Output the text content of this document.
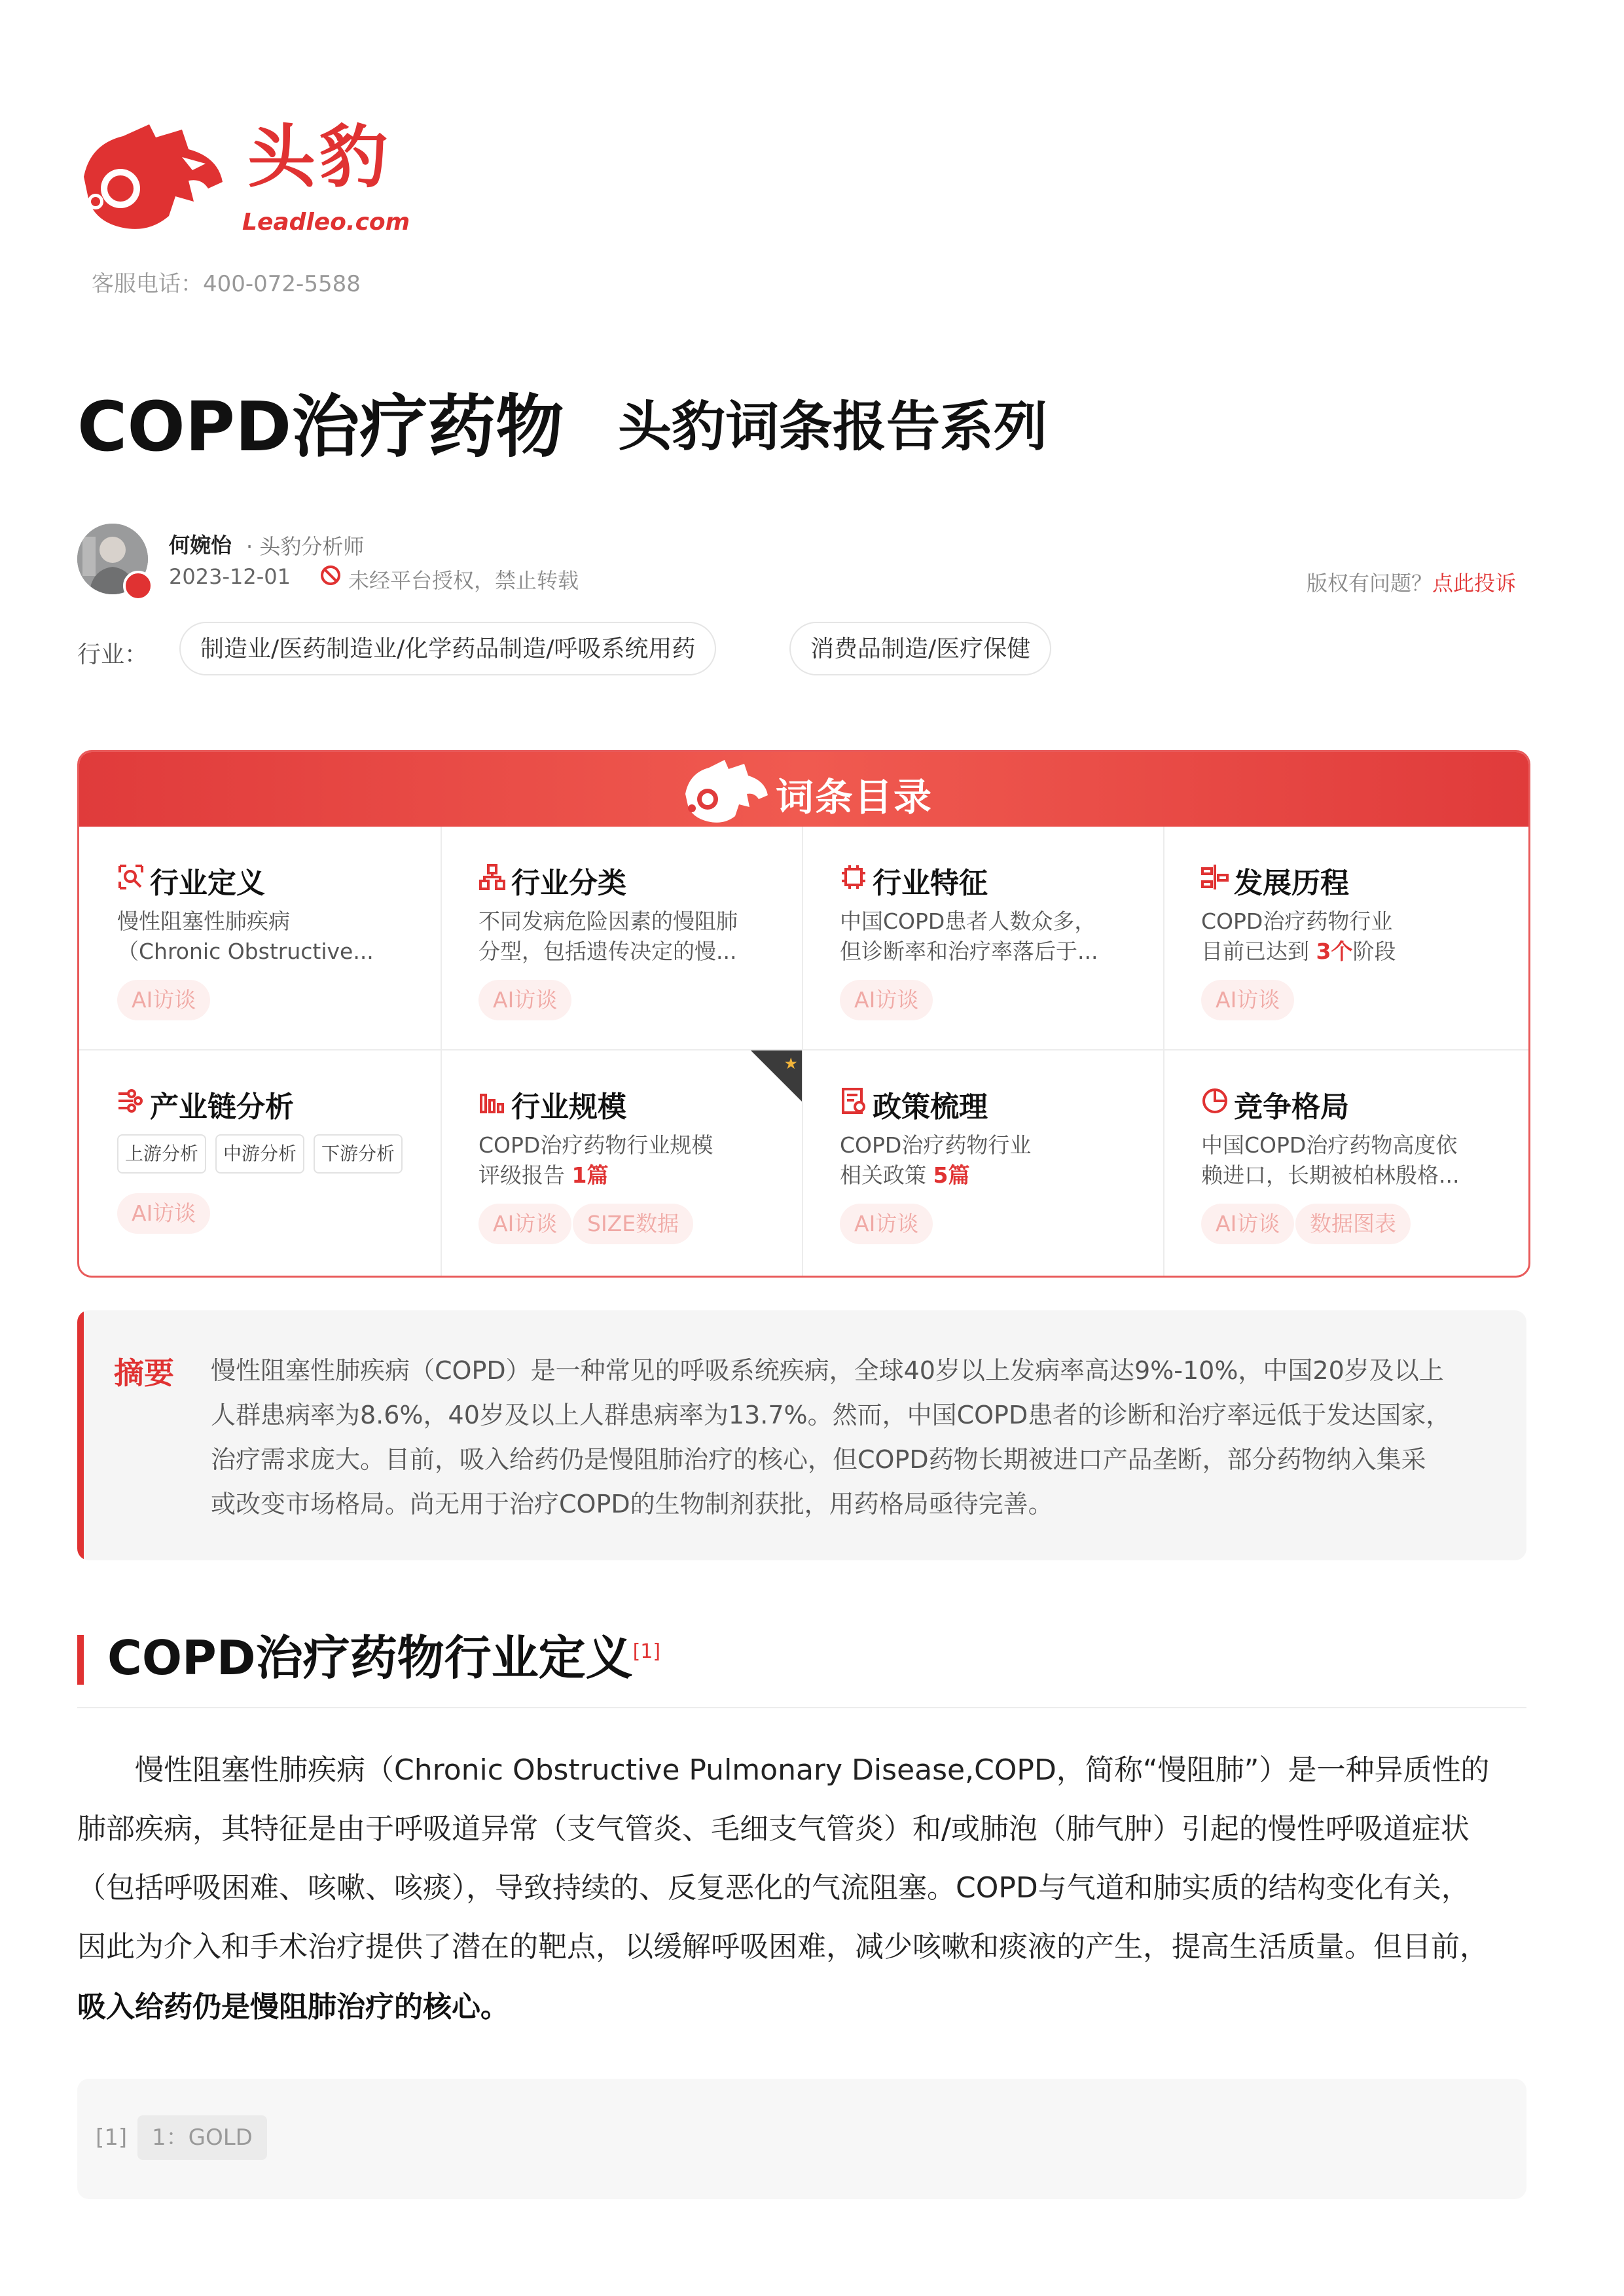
头豹
Leadleo.com
客服电话：400-072-5588
COPD治疗药物 头豹词条报告系列
何婉怡 · 头豹分析师
2023-12-01	未经平台授权，禁止转载	版权有问题？点此投诉
行业：	制造业/医药制造业/化学药品制造/呼吸系统用药	消费品制造/医疗保健
词条目录
行业定义
慢性阻塞性肺疾病
（Chronic Obstructive...
AI访谈
行业分类
不同发病危险因素的慢阻肺
分型，包括遗传决定的慢...
AI访谈
行业特征
中国COPD患者人数众多，
但诊断率和治疗率落后于...
AI访谈
发展历程
COPD治疗药物行业
目前已达到 3个阶段
AI访谈
产业链分析
上游分析	中游分析	下游分析
AI访谈
★
行业规模
COPD治疗药物行业规模
评级报告 1篇
AI访谈	SIZE数据
政策梳理
COPD治疗药物行业
相关政策 5篇
AI访谈
竞争格局
中国COPD治疗药物高度依
赖进口，长期被柏林殷格...
AI访谈	数据图表
摘要 慢性阻塞性肺疾病（COPD）是一种常见的呼吸系统疾病，全球40岁以上发病率高达9%-10%，中国20岁及以上
人群患病率为8.6%，40岁及以上人群患病率为13.7%。然而，中国COPD患者的诊断和治疗率远低于发达国家，
治疗需求庞大。目前，吸入给药仍是慢阻肺治疗的核心，但COPD药物长期被进口产品垄断，部分药物纳入集采
或改变市场格局。尚无用于治疗COPD的生物制剂获批，用药格局亟待完善。
COPD治疗药物行业定义[1]
慢性阻塞性肺疾病（Chronic Obstructive Pulmonary Disease,COPD，简称“慢阻肺”）是一种异质性的
肺部疾病，其特征是由于呼吸道异常（支气管炎、毛细支气管炎）和/或肺泡（肺气肿）引起的慢性呼吸道症状
（包括呼吸困难、咳嗽、咳痰），导致持续的、反复恶化的气流阻塞。COPD与气道和肺实质的结构变化有关，
因此为介入和手术治疗提供了潜在的靶点，以缓解呼吸困难，减少咳嗽和痰液的产生，提高生活质量。但目前，
吸入给药仍是慢阻肺治疗的核心。
[1]	1：GOLD
